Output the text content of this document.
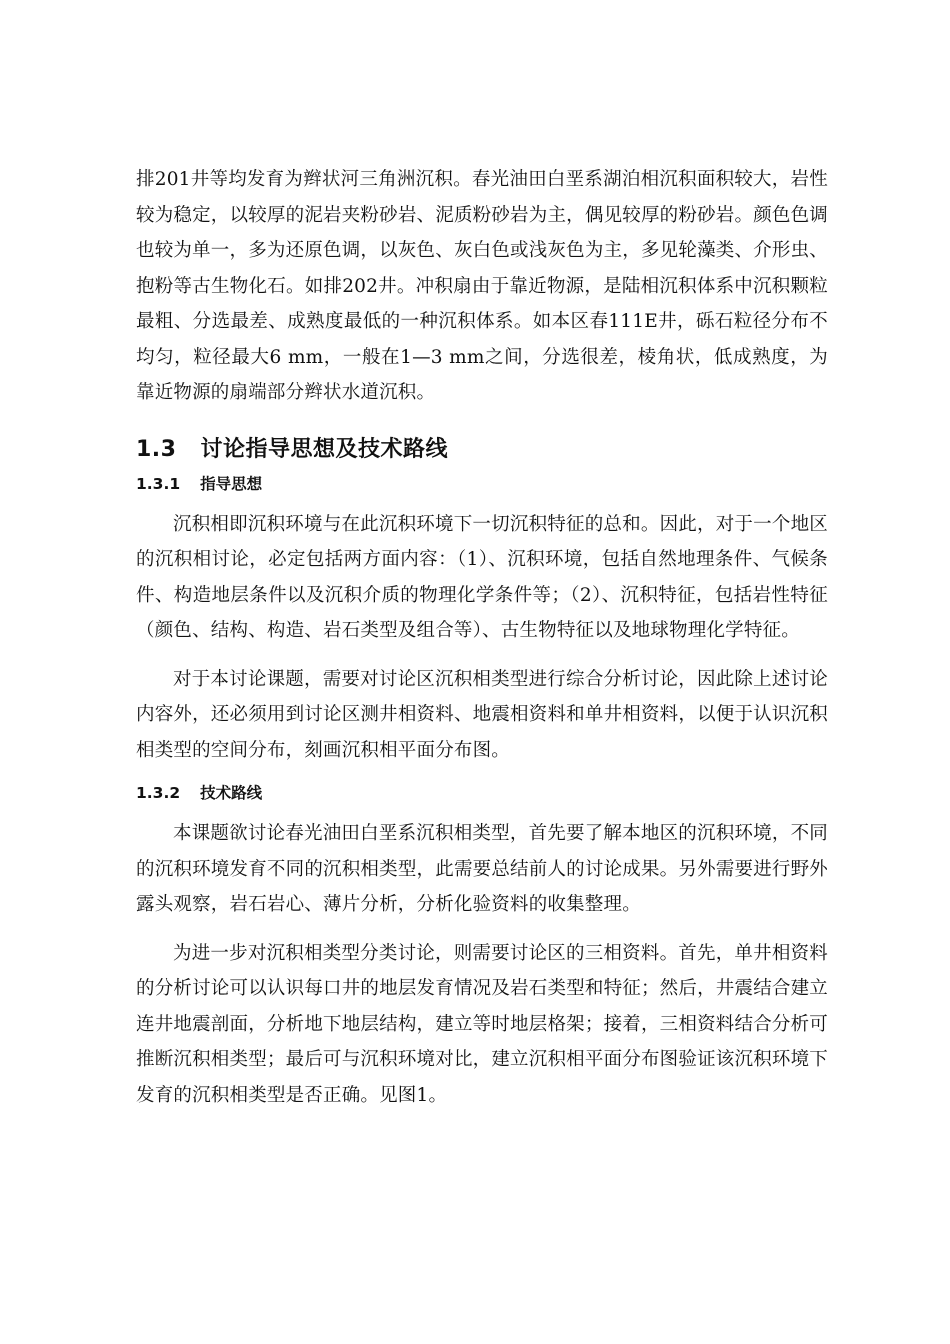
排201井等均发育为辫状河三角洲沉积。春光油田白垩系湖泊相沉积面积较大，岩性较为稳定，以较厚的泥岩夹粉砂岩、泥质粉砂岩为主，偶见较厚的粉砂岩。颜色色调也较为单一，多为还原色调，以灰色、灰白色或浅灰色为主，多见轮藻类、介形虫、抱粉等古生物化石。如排202井。冲积扇由于靠近物源，是陆相沉积体系中沉积颗粒最粗、分选最差、成熟度最低的一种沉积体系。如本区春111E井，砾石粒径分布不均匀，粒径最大6 mm，一般在1—3 mm之间，分选很差，棱角状，低成熟度，为靠近物源的扇端部分辫状水道沉积。

1.3 讨论指导思想及技术路线
1.3.1 指导思想

沉积相即沉积环境与在此沉积环境下一切沉积特征的总和。因此，对于一个地区的沉积相讨论，必定包括两方面内容：（1）、沉积环境，包括自然地理条件、气候条件、构造地层条件以及沉积介质的物理化学条件等；（2）、沉积特征，包括岩性特征（颜色、结构、构造、岩石类型及组合等）、古生物特征以及地球物理化学特征。

对于本讨论课题，需要对讨论区沉积相类型进行综合分析讨论，因此除上述讨论内容外，还必须用到讨论区测井相资料、地震相资料和单井相资料，以便于认识沉积相类型的空间分布，刻画沉积相平面分布图。

1.3.2 技术路线

本课题欲讨论春光油田白垩系沉积相类型，首先要了解本地区的沉积环境，不同的沉积环境发育不同的沉积相类型，此需要总结前人的讨论成果。另外需要进行野外露头观察，岩石岩心、薄片分析，分析化验资料的收集整理。

为进一步对沉积相类型分类讨论，则需要讨论区的三相资料。首先，单井相资料的分析讨论可以认识每口井的地层发育情况及岩石类型和特征；然后，井震结合建立连井地震剖面，分析地下地层结构，建立等时地层格架；接着，三相资料结合分析可推断沉积相类型；最后可与沉积环境对比，建立沉积相平面分布图验证该沉积环境下发育的沉积相类型是否正确。见图1。
